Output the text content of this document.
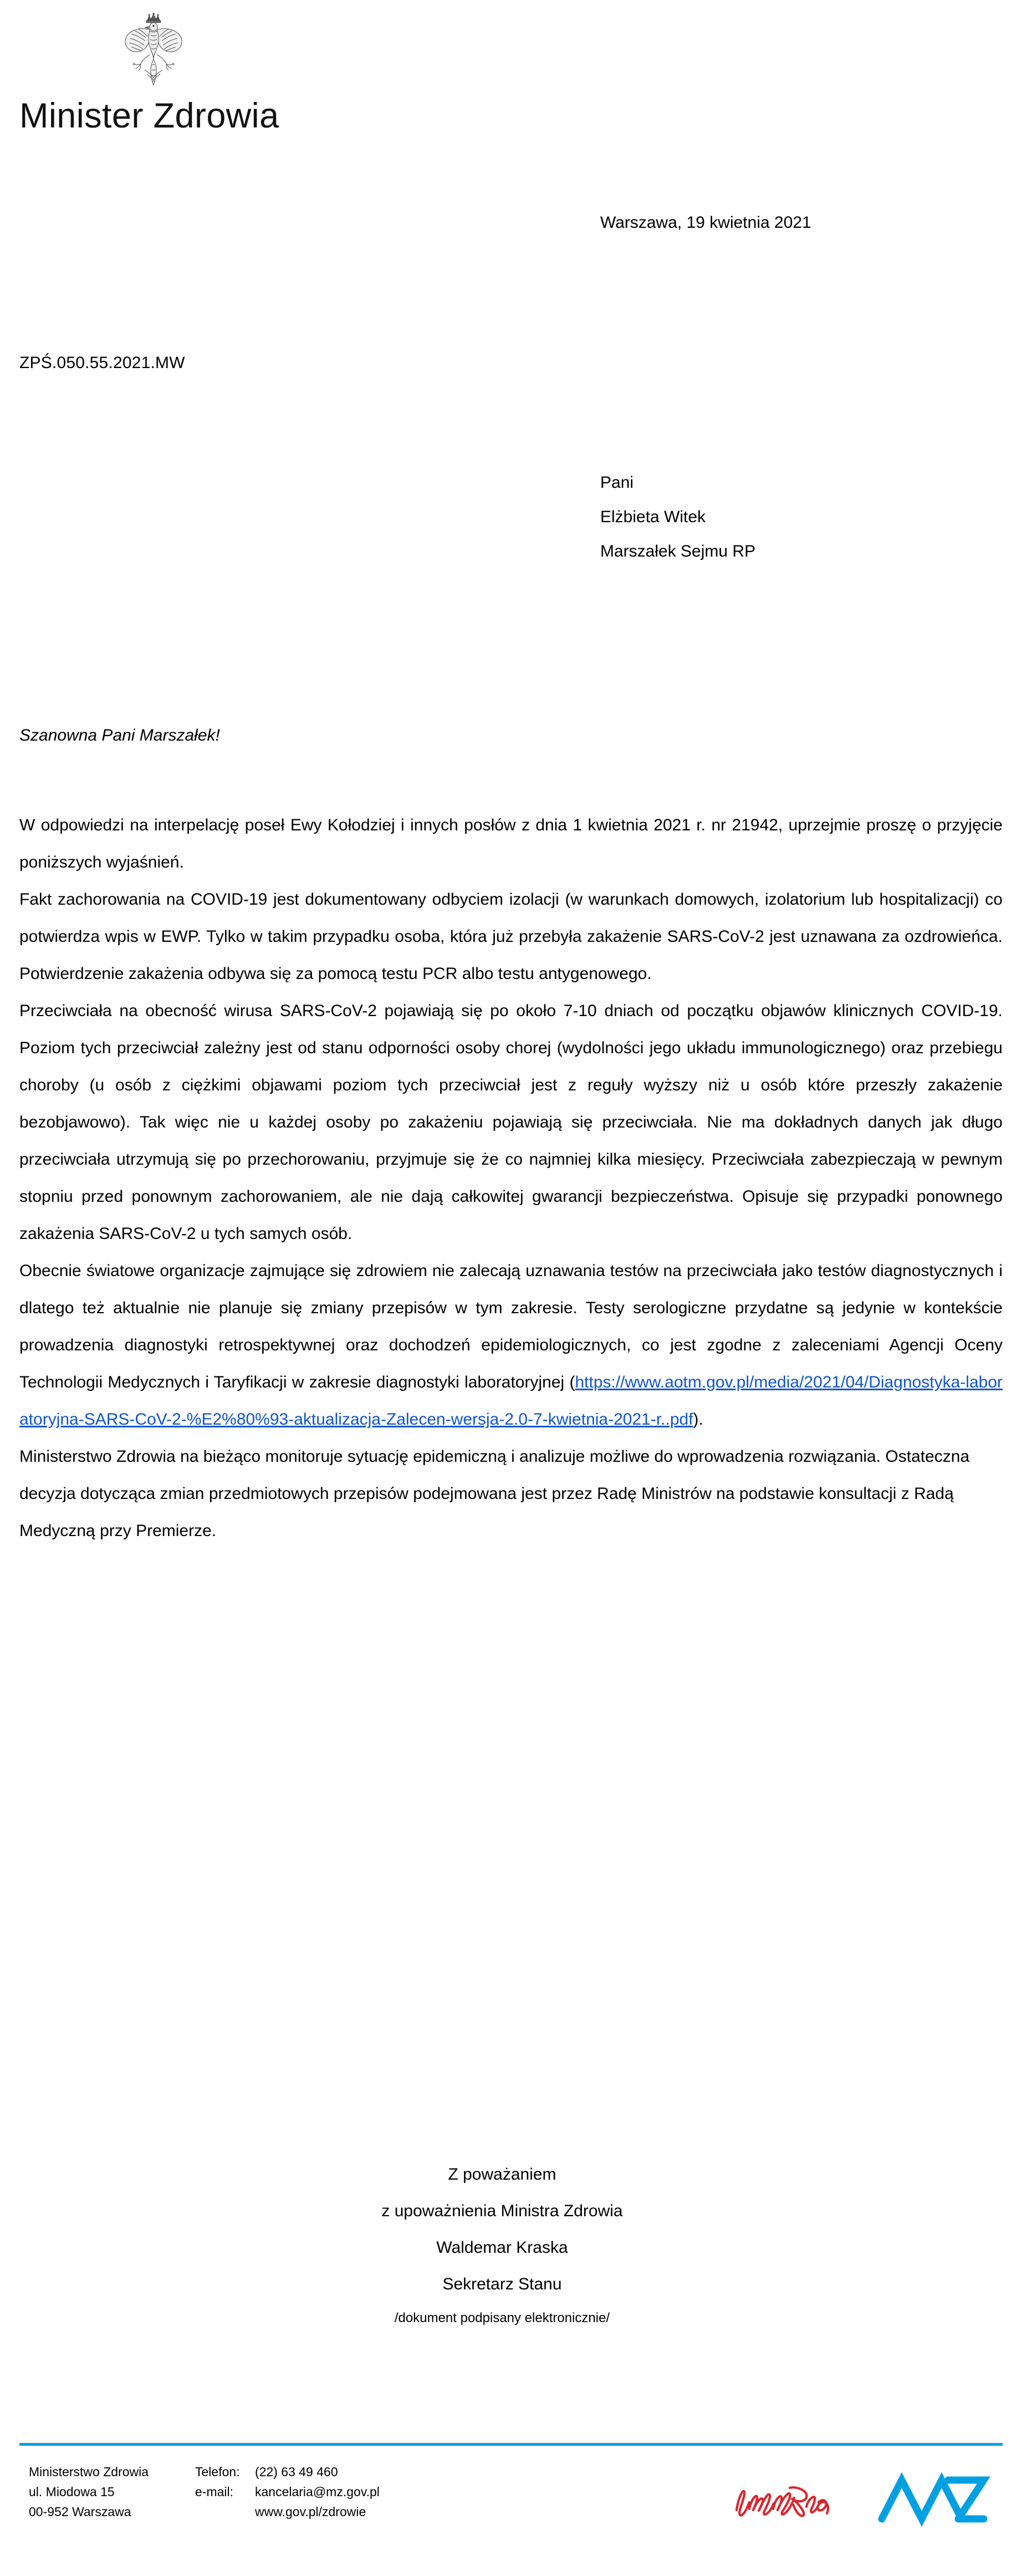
Minister Zdrowia
Warszawa, 19 kwietnia 2021
ZPŚ.050.55.2021.MW
Pani
Elżbieta Witek
Marszałek Sejmu RP
Szanowna Pani Marszałek!

W odpowiedzi na interpelację poseł Ewy Kołodziej i innych posłów z dnia 1 kwietnia 2021 r. nr 21942, uprzejmie proszę o przyjęcie poniższych wyjaśnień.

Fakt zachorowania na COVID-19 jest dokumentowany odbyciem izolacji (w warunkach domowych, izolatorium lub hospitalizacji) co potwierdza wpis w EWP. Tylko w takim przypadku osoba, która już przebyła zakażenie SARS-CoV-2 jest uznawana za ozdrowieńca. Potwierdzenie zakażenia odbywa się za pomocą testu PCR albo testu antygenowego.

Przeciwciała na obecność wirusa SARS-CoV-2 pojawiają się po około 7-10 dniach od początku objawów klinicznych COVID-19. Poziom tych przeciwciał zależny jest od stanu odporności osoby chorej (wydolności jego układu immunologicznego) oraz przebiegu choroby (u osób z ciężkimi objawami poziom tych przeciwciał jest z reguły wyższy niż u osób które przeszły zakażenie bezobjawowo). Tak więc nie u każdej osoby po zakażeniu pojawiają się przeciwciała. Nie ma dokładnych danych jak długo przeciwciała utrzymują się po przechorowaniu, przyjmuje się że co najmniej kilka miesięcy. Przeciwciała zabezpieczają w pewnym stopniu przed ponownym zachorowaniem, ale nie dają całkowitej gwarancji bezpieczeństwa. Opisuje się przypadki ponownego zakażenia SARS-CoV-2 u tych samych osób.

Obecnie światowe organizacje zajmujące się zdrowiem nie zalecają uznawania testów na przeciwciała jako testów diagnostycznych i dlatego też aktualnie nie planuje się zmiany przepisów w tym zakresie. Testy serologiczne przydatne są jedynie w kontekście prowadzenia diagnostyki retrospektywnej oraz dochodzeń epidemiologicznych, co jest zgodne z zaleceniami Agencji Oceny Technologii Medycznych i Taryfikacji w zakresie diagnostyki laboratoryjnej (https://www.aotm.gov.pl/media/2021/04/Diagnostyka-laboratoryjna-SARS-CoV-2-%E2%80%93-aktualizacja-Zalecen-wersja-2.0-7-kwietnia-2021-r..pdf).

Ministerstwo Zdrowia na bieżąco monitoruje sytuację epidemiczną i analizuje możliwe do wprowadzenia rozwiązania. Ostateczna decyzja dotycząca zmian przedmiotowych przepisów podejmowana jest przez Radę Ministrów na podstawie konsultacji z Radą Medyczną przy Premierze.

Z poważaniem
z upoważnienia Ministra Zdrowia
Waldemar Kraska
Sekretarz Stanu
/dokument podpisany elektronicznie/
Ministerstwo Zdrowia
ul. Miodowa 15
00-952 Warszawa
Telefon:
e-mail:

(22) 63 49 460
kancelaria@mz.gov.pl
www.gov.pl/zdrowie
